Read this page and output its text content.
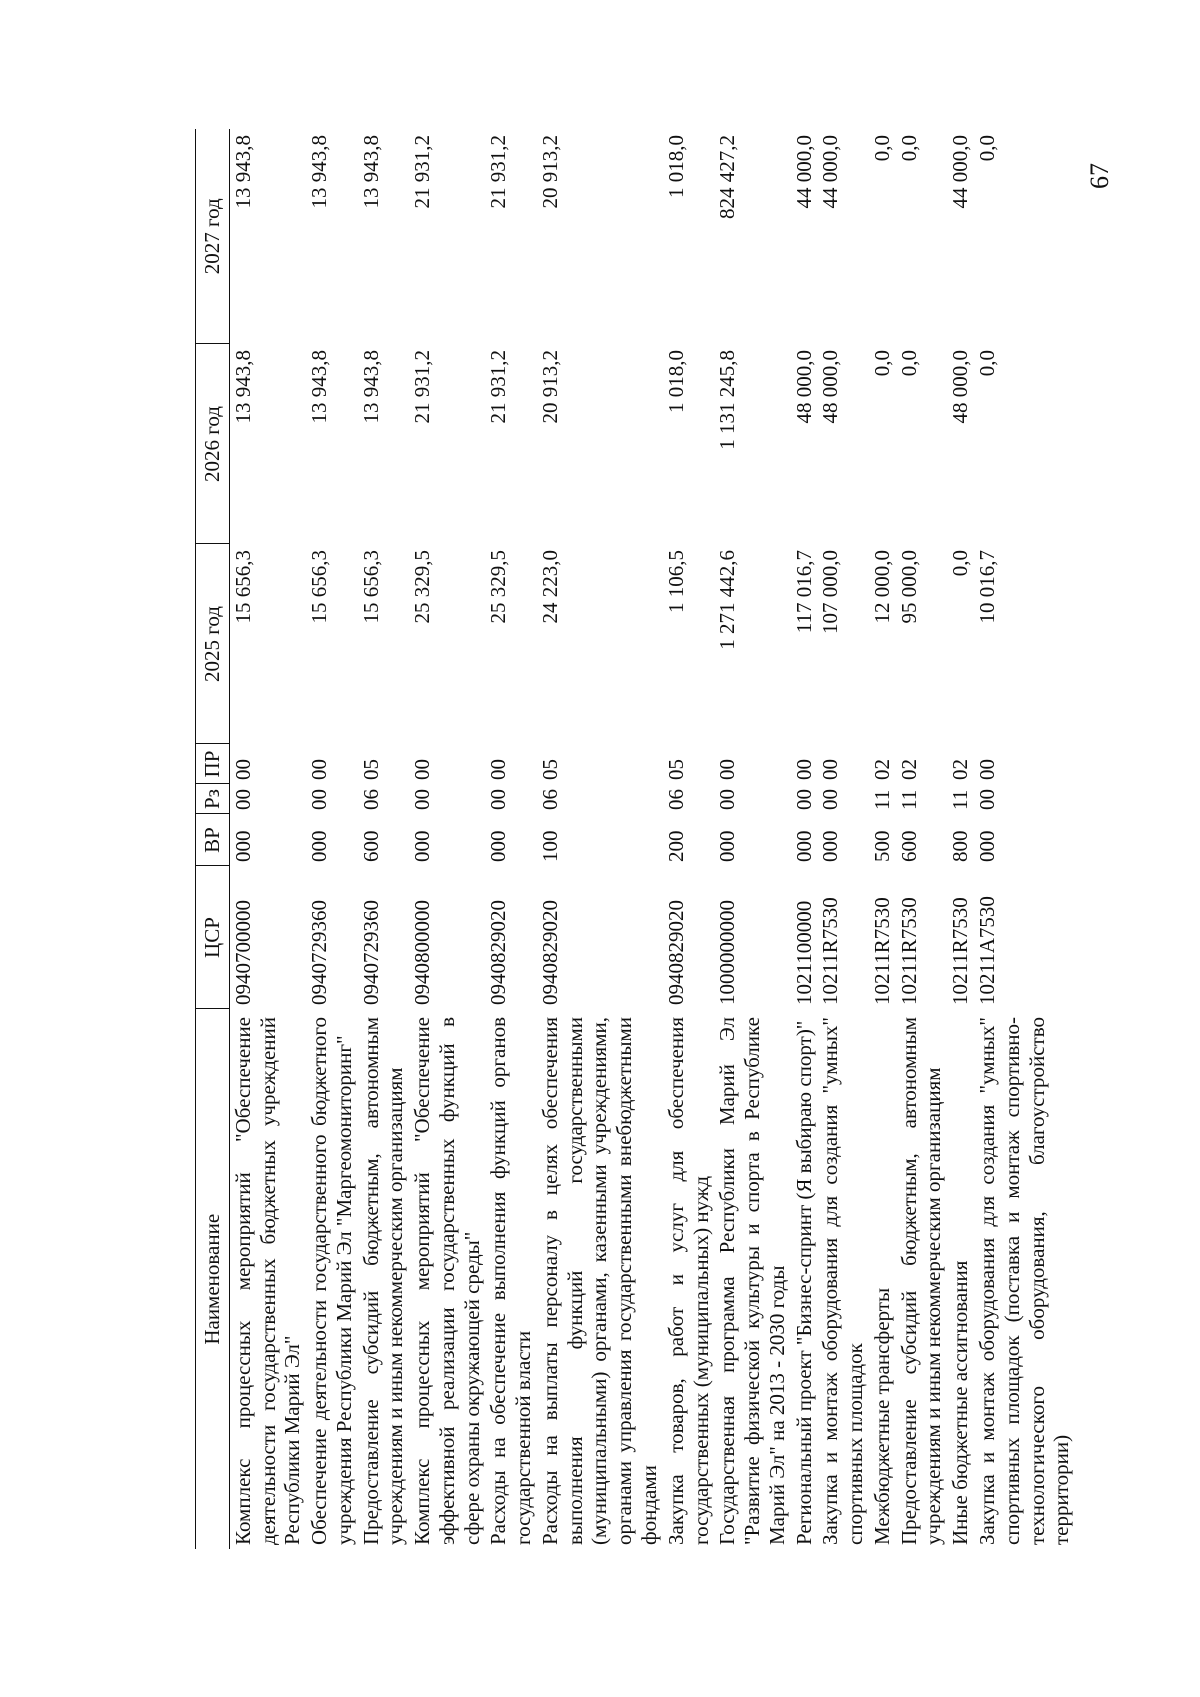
67
Наименование	ЦСР	ВР	Рз	ПР	2025 год	2026 год	2027 год
Комплекс процессных мероприятий "Обеспечение деятельности государственных бюджетных учреждений Республики Марий Эл"	0940700000	000	00	00	15 656,3	13 943,8	13 943,8
Обеспечение деятельности государственного бюджетного учреждения Республики Марий Эл "Маргеомониторинг"	0940729360	000	00	00	15 656,3	13 943,8	13 943,8
Предоставление субсидий бюджетным, автономным учреждениям и иным некоммерческим организациям	0940729360	600	06	05	15 656,3	13 943,8	13 943,8
Комплекс процессных мероприятий "Обеспечение эффективной реализации государственных функций в сфере охраны окружающей среды"	0940800000	000	00	00	25 329,5	21 931,2	21 931,2
Расходы на обеспечение выполнения функций органов государственной власти	0940829020	000	00	00	25 329,5	21 931,2	21 931,2
Расходы на выплаты персоналу в целях обеспечения выполнения функций государственными (муниципальными) органами, казенными учреждениями, органами управления государственными внебюджетными фондами	0940829020	100	06	05	24 223,0	20 913,2	20 913,2
Закупка товаров, работ и услуг для обеспечения государственных (муниципальных) нужд	0940829020	200	06	05	1 106,5	1 018,0	1 018,0
Государственная программа Республики Марий Эл "Развитие физической культуры и спорта в Республике Марий Эл" на 2013 - 2030 годы	1000000000	000	00	00	1 271 442,6	1 131 245,8	824 427,2
Региональный проект "Бизнес-спринт (Я выбираю спорт)"	1021100000	000	00	00	117 016,7	48 000,0	44 000,0
Закупка и монтаж оборудования для создания "умных" спортивных площадок	10211R7530	000	00	00	107 000,0	48 000,0	44 000,0
Межбюджетные трансферты	10211R7530	500	11	02	12 000,0	0,0	0,0
Предоставление субсидий бюджетным, автономным учреждениям и иным некоммерческим организациям	10211R7530	600	11	02	95 000,0	0,0	0,0
Иные бюджетные ассигнования	10211R7530	800	11	02	0,0	48 000,0	44 000,0
Закупка и монтаж оборудования для создания "умных" спортивных площадок (поставка и монтаж спортивно-технологического оборудования, благоустройство территории)	10211A7530	000	00	00	10 016,7	0,0	0,0
